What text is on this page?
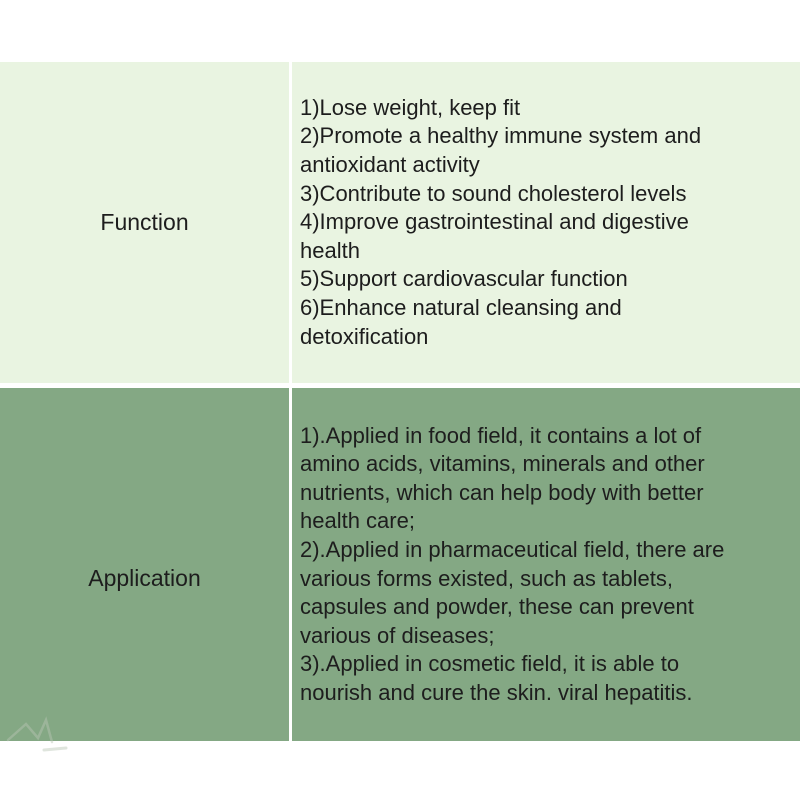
Function
1)Lose weight, keep fit
2)Promote a healthy immune system and
antioxidant activity
3)Contribute to sound cholesterol levels
4)Improve gastrointestinal and digestive
health
5)Support cardiovascular function
6)Enhance natural cleansing and
detoxification
Application
1).Applied in food field, it contains a lot of
amino acids, vitamins, minerals and other
nutrients, which can help body with better
health care;
2).Applied in pharmaceutical field, there are
various forms existed, such as tablets,
capsules and powder, these can prevent
various of diseases;
3).Applied in cosmetic field, it is able to
nourish and cure the skin. viral hepatitis.
